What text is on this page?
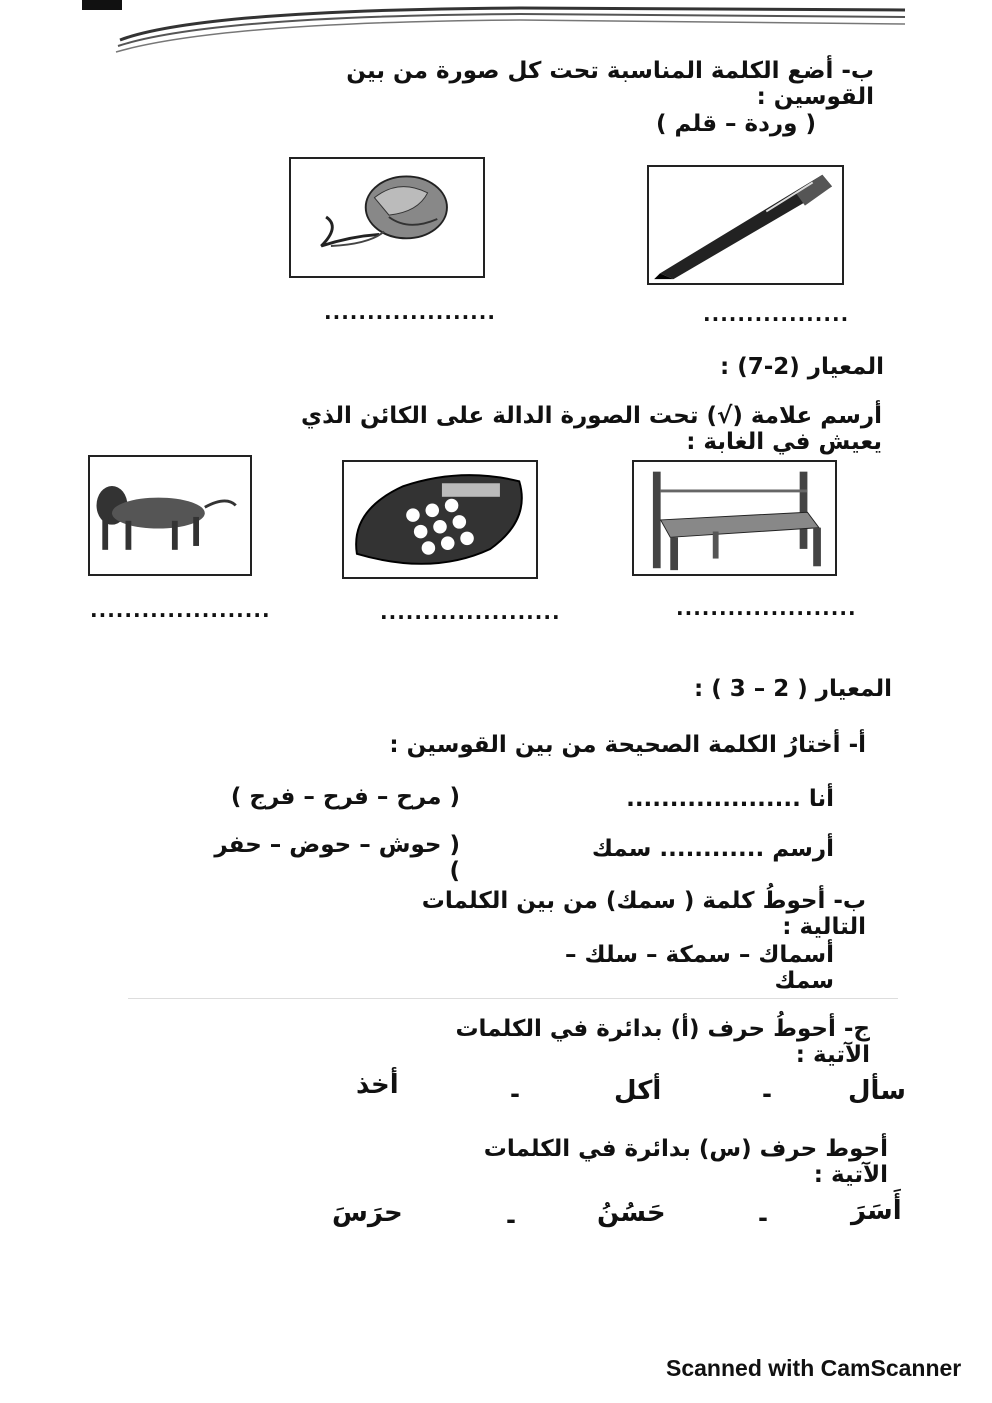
ب- أضع الكلمة المناسبة تحت كل صورة من بين القوسين :
( وردة – قلم )
.................
....................
المعيار (2-7) :
أرسم علامة (√) تحت الصورة الدالة على الكائن الذي يعيش في الغابة :
.....................
.....................
.....................
المعيار ( 2 – 3 ) :
أ- أختارُ الكلمة الصحيحة من بين القوسين :
أنا ....................
( مرح – فرح – فرج )
أرسم ............ سمك
( حوش – حوض – حفر )
ب- أحوطُ كلمة ( سمك) من بين الكلمات التالية :
أسماك – سمكة – سلك – سمك
ج- أحوطُ حرف (أ) بدائرة في الكلمات الآتية :
سأل
-
أكل
-
أخذ
أحوط حرف (س) بدائرة في الكلمات الآتية :
أَسَرَ
-
حَسُنُ
-
حرَسَ
Scanned with CamScanner
